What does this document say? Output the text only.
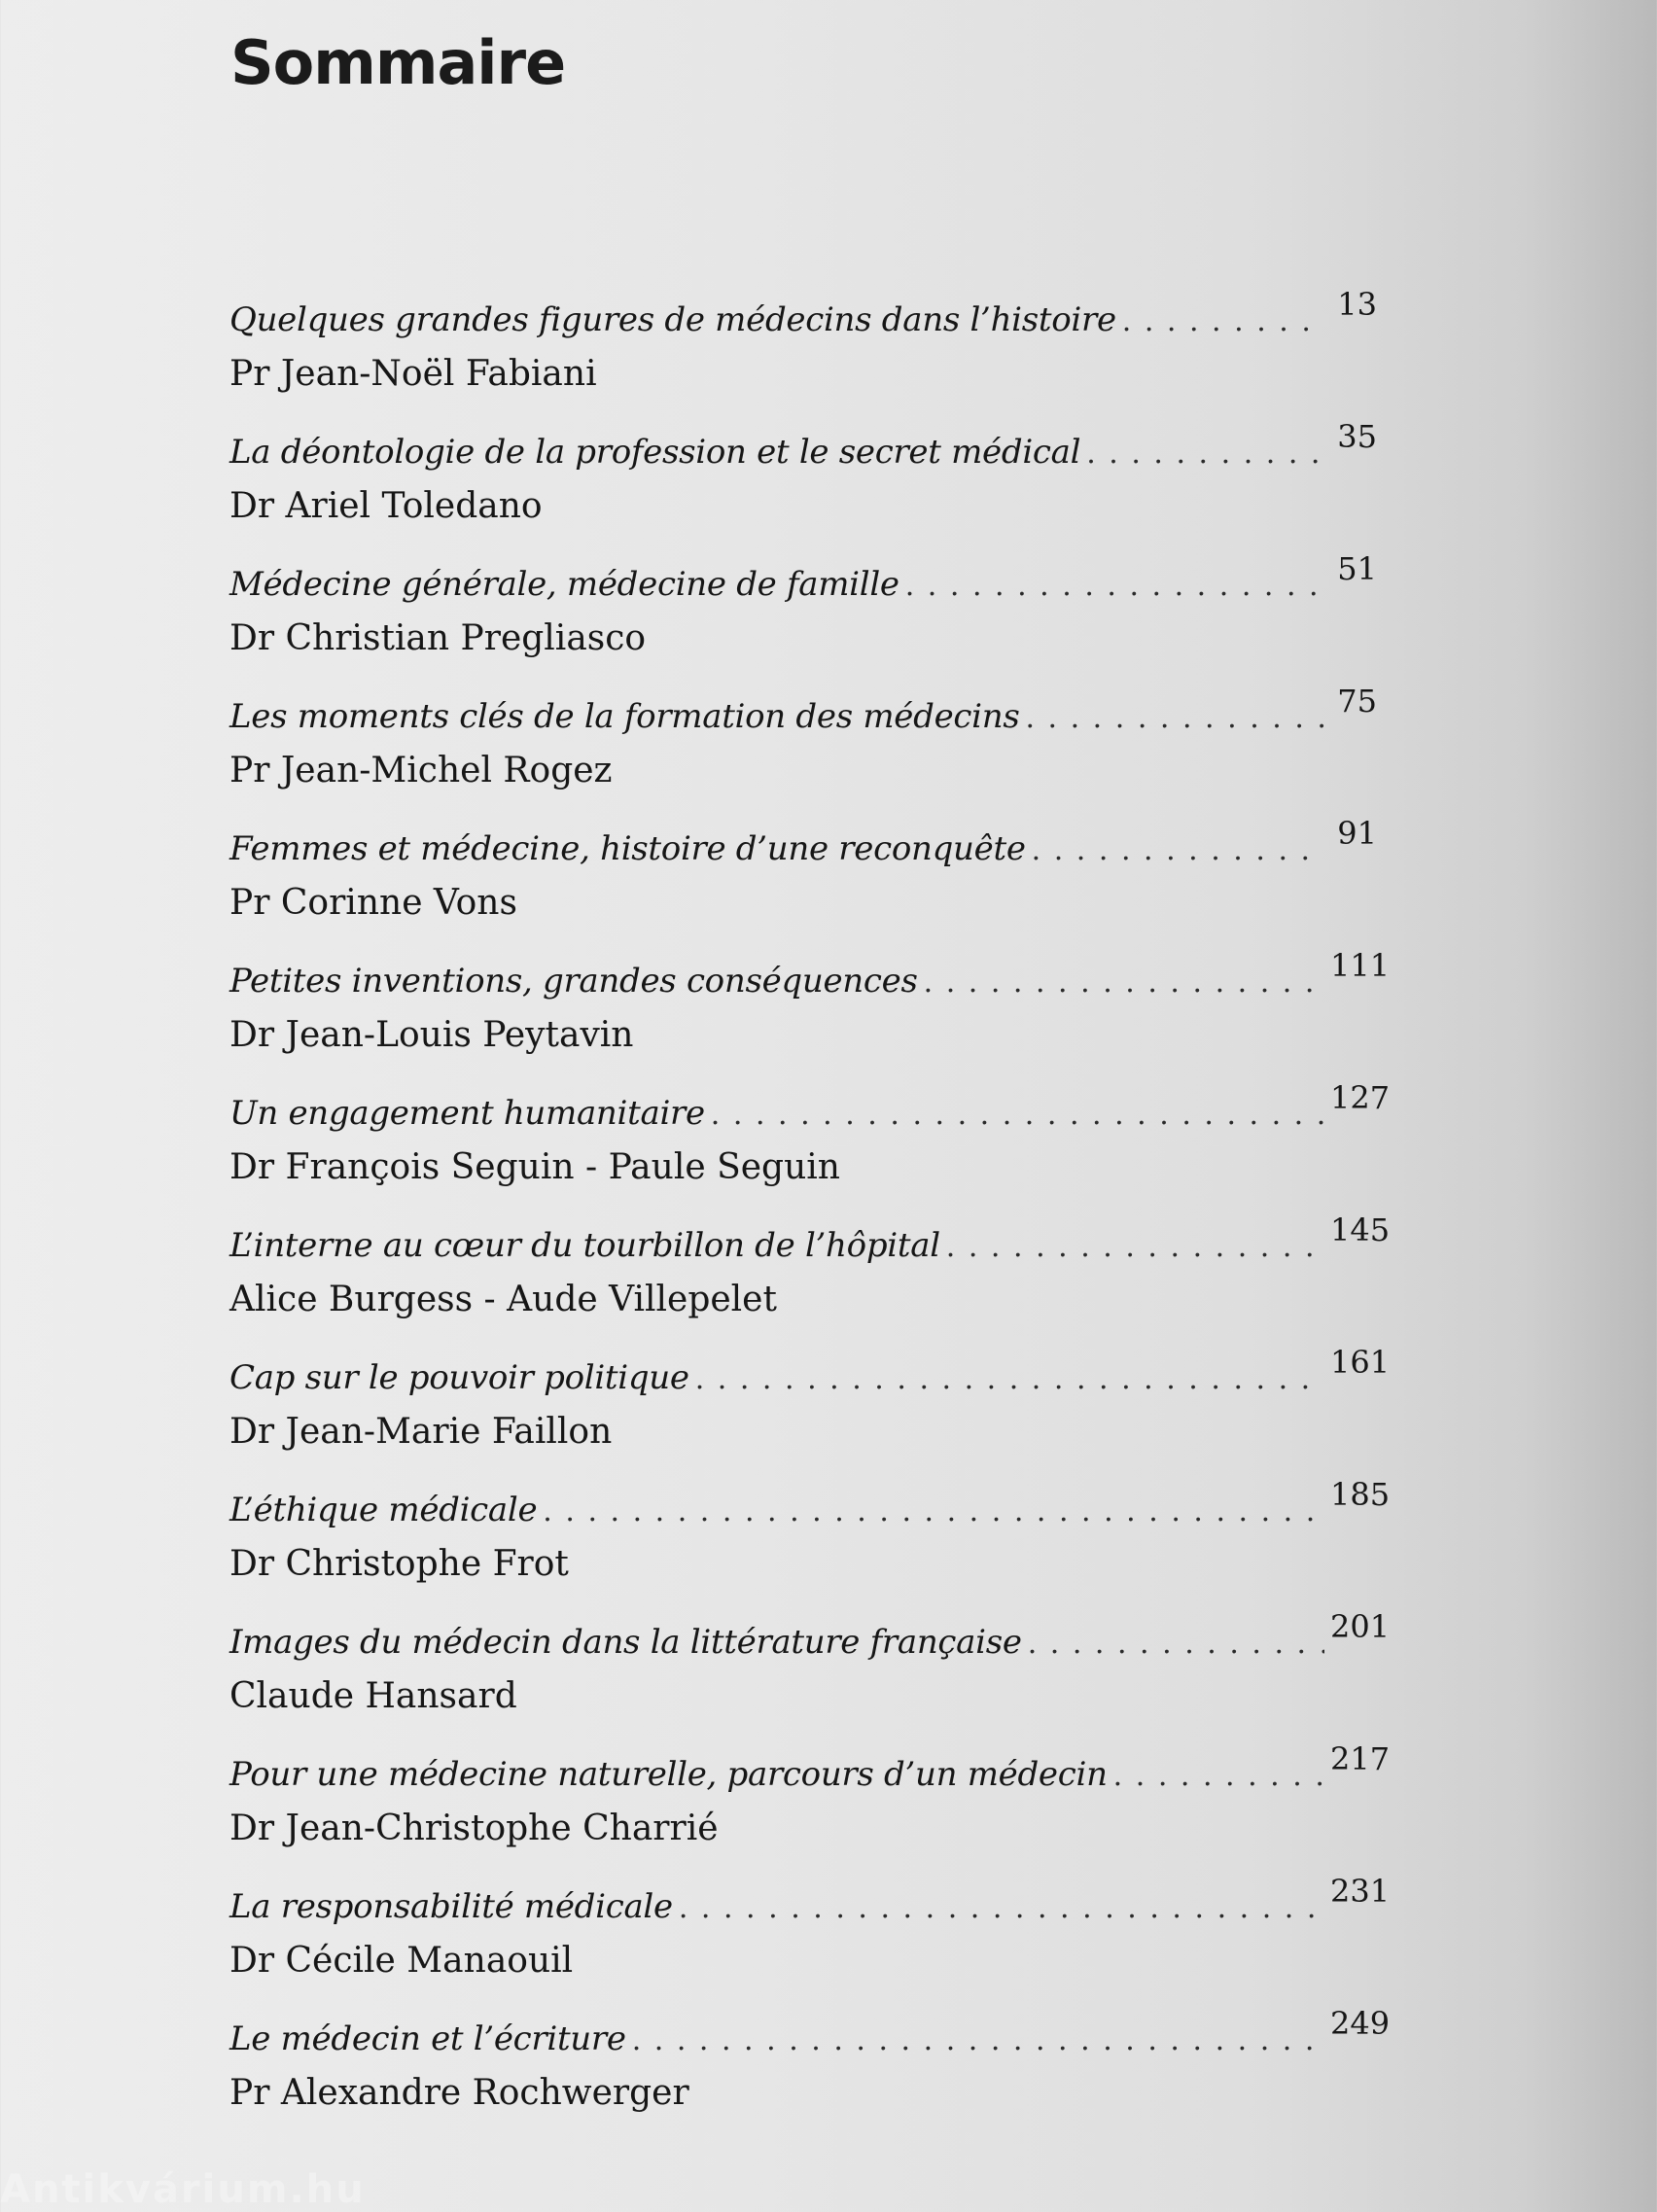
Sommaire
Quelques grandes figures de médecins dans l’histoire . . .	13
Pr Jean-Noël Fabiani
La déontologie de la profession et le secret médical . . .	35
Dr Ariel Toledano
Médecine générale, médecine de famille . . .	51
Dr Christian Pregliasco
Les moments clés de la formation des médecins . . .	75
Pr Jean-Michel Rogez
Femmes et médecine, histoire d’une reconquête . . .	91
Pr Corinne Vons
Petites inventions, grandes conséquences . . .	111
Dr Jean-Louis Peytavin
Un engagement humanitaire . . .	127
Dr François Seguin - Paule Seguin
L’interne au cœur du tourbillon de l’hôpital . . .	145
Alice Burgess - Aude Villepelet
Cap sur le pouvoir politique . . .	161
Dr Jean-Marie Faillon
L’éthique médicale . . .	185
Dr Christophe Frot
Images du médecin dans la littérature française . . .	201
Claude Hansard
Pour une médecine naturelle, parcours d’un médecin . . .	217
Dr Jean-Christophe Charrié
La responsabilité médicale . . .	231
Dr Cécile Manaouil
Le médecin et l’écriture . . .	249
Pr Alexandre Rochwerger
Antikvárium.hu
